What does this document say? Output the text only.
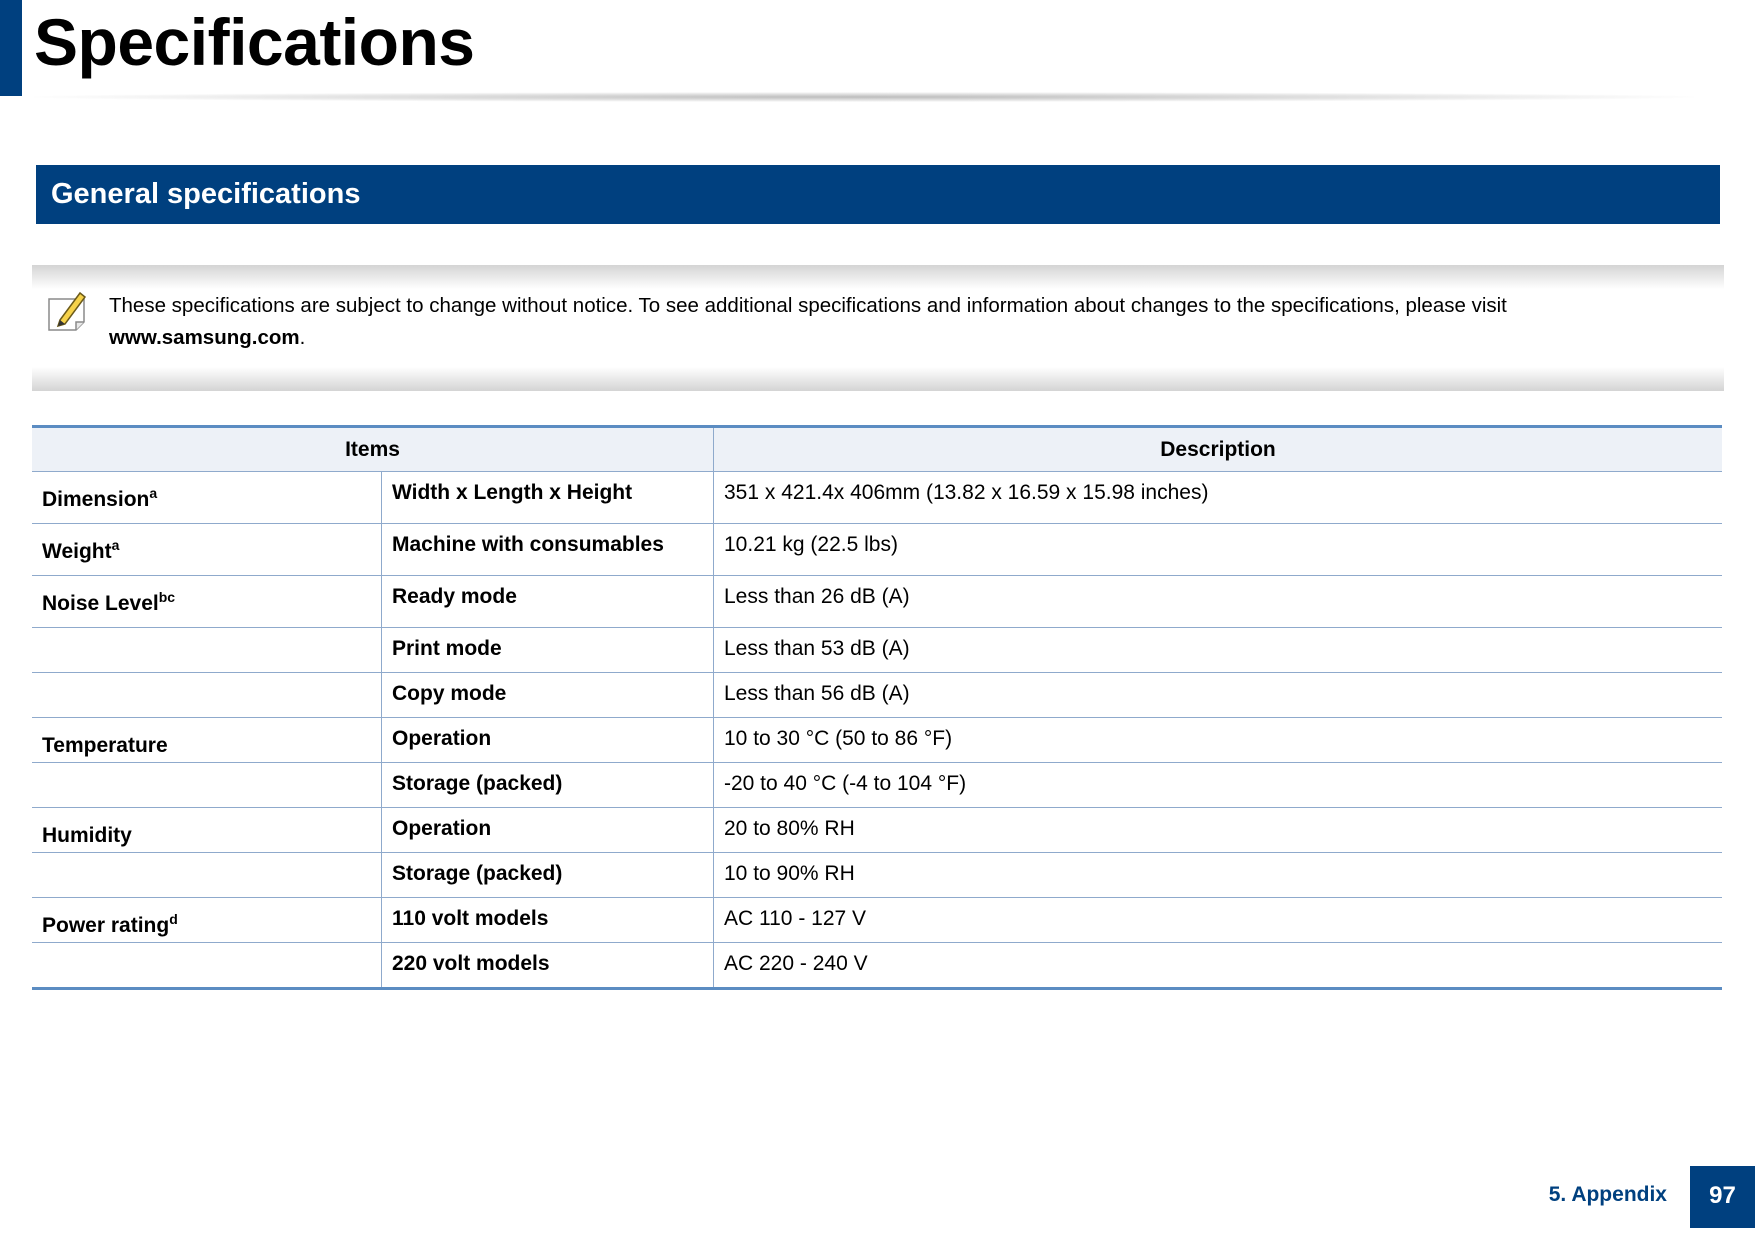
Specifications
General specifications
These specifications are subject to change without notice. To see additional specifications and information about changes to the specifications, please visit www.samsung.com.
Items		Description
Dimension$^a$	Width x Length x Height	351 x 421.4x 406mm (13.82 x 16.59 x 15.98 inches)
Weight$^a$	Machine with consumables	10.21 kg (22.5 lbs)
Noise Level$^{bc}$	Ready mode	Less than 26 dB (A)
	Print mode	Less than 53 dB (A)
	Copy mode	Less than 56 dB (A)
Temperature	Operation	10 to 30 °C (50 to 86 °F)
	Storage (packed)	-20 to 40 °C (-4 to 104 °F)
Humidity	Operation	20 to 80% RH
	Storage (packed)	10 to 90% RH
Power rating$^d$	110 volt models	AC 110 - 127 V
	220 volt models	AC 220 - 240 V
5. Appendix	97
